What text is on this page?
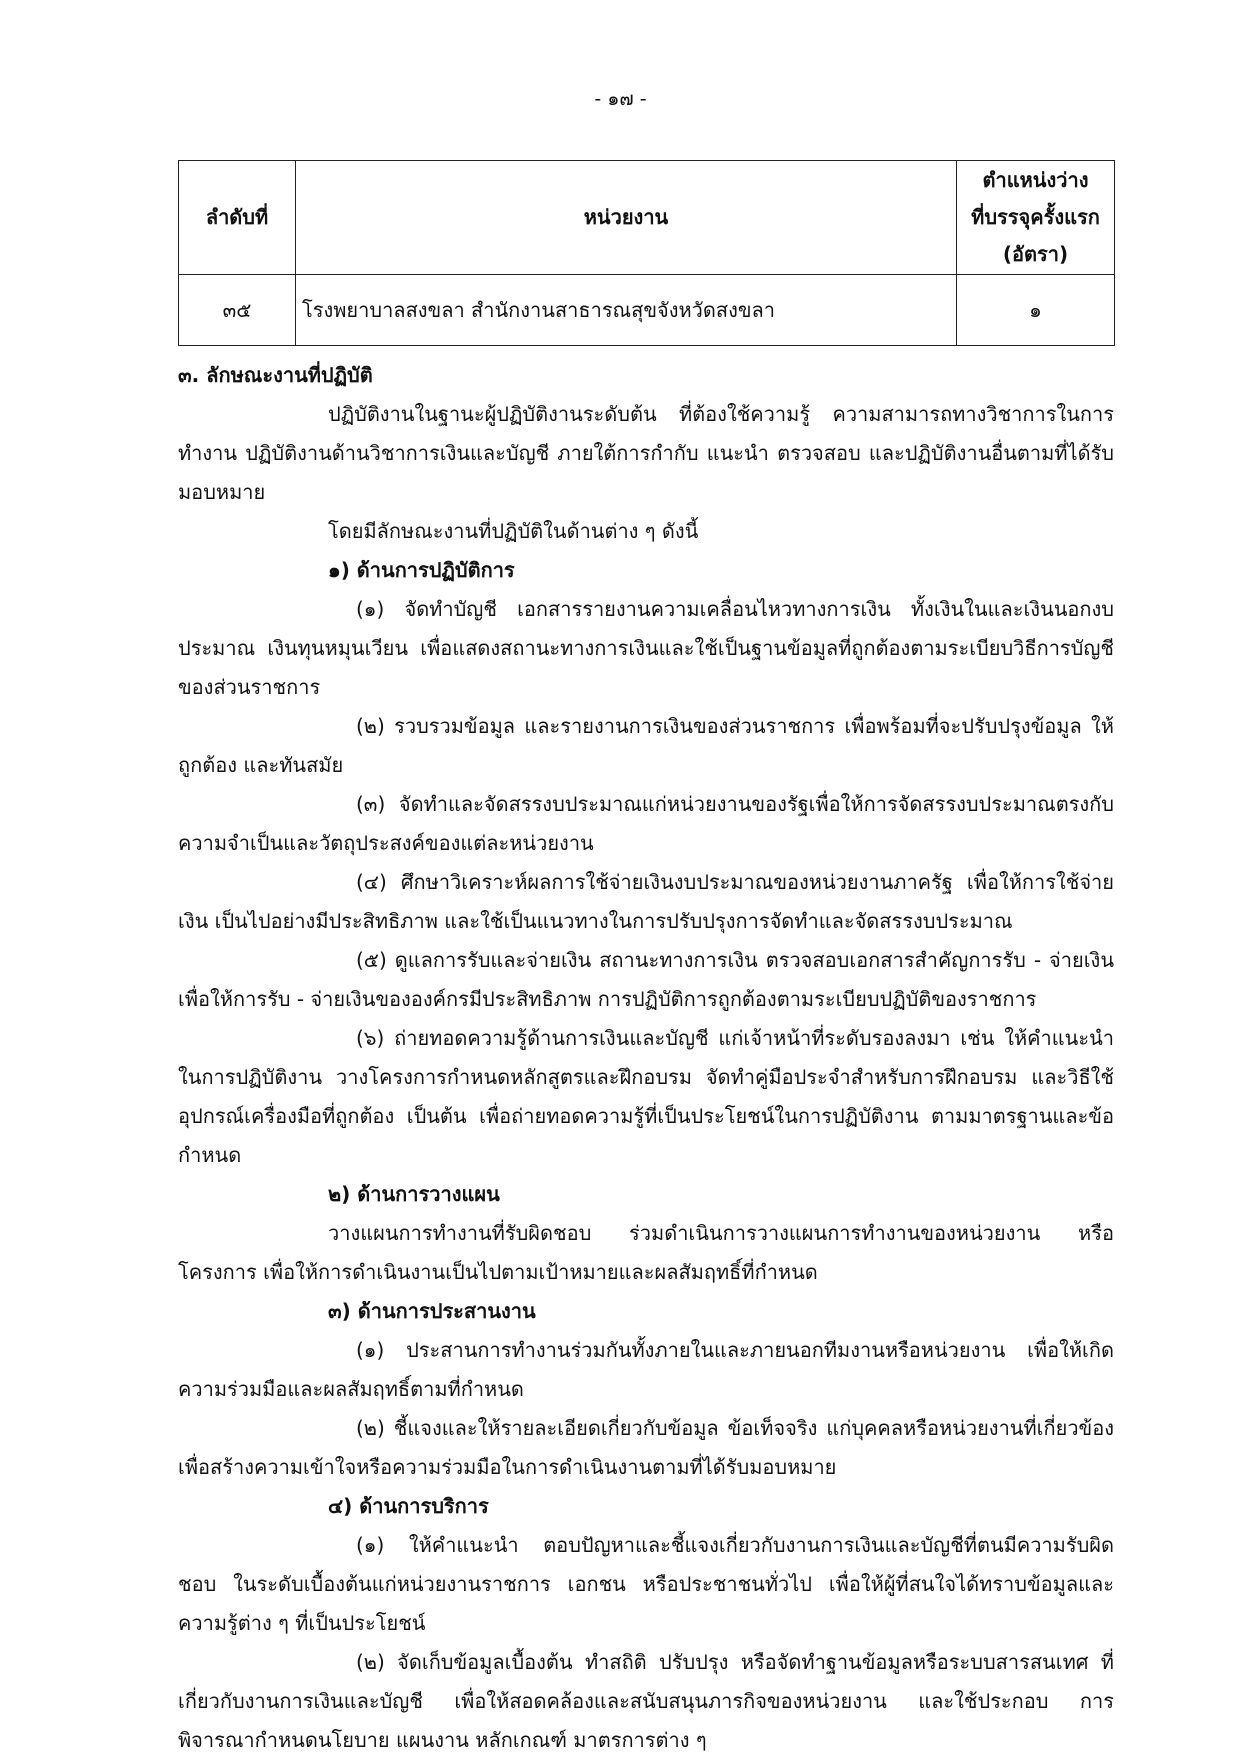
- ๑๗ -
ลำดับที่	หน่วยงาน	ตำแหน่งว่าง
ที่บรรจุครั้งแรก
(อัตรา)

๓๕	โรงพยาบาลสงขลา สำนักงานสาธารณสุขจังหวัดสงขลา	๑

๓. ลักษณะงานที่ปฏิบัติ

ปฏิบัติงานในฐานะผู้ปฏิบัติงานระดับต้น ที่ต้องใช้ความรู้ ความสามารถทางวิชาการในการทำงาน ปฏิบัติงานด้านวิชาการเงินและบัญชี ภายใต้การกำกับ แนะนำ ตรวจสอบ และปฏิบัติงานอื่นตามที่ได้รับมอบหมาย

โดยมีลักษณะงานที่ปฏิบัติในด้านต่าง ๆ ดังนี้

๑) ด้านการปฏิบัติการ

(๑) จัดทำบัญชี เอกสารรายงานความเคลื่อนไหวทางการเงิน ทั้งเงินในและเงินนอกงบประมาณ เงินทุนหมุนเวียน เพื่อแสดงสถานะทางการเงินและใช้เป็นฐานข้อมูลที่ถูกต้องตามระเบียบวิธีการบัญชีของส่วนราชการ

(๒) รวบรวมข้อมูล และรายงานการเงินของส่วนราชการ เพื่อพร้อมที่จะปรับปรุงข้อมูล ให้ถูกต้อง และทันสมัย

(๓) จัดทำและจัดสรรงบประมาณแก่หน่วยงานของรัฐเพื่อให้การจัดสรรงบประมาณตรงกับ ความจำเป็นและวัตถุประสงค์ของแต่ละหน่วยงาน

(๔) ศึกษาวิเคราะห์ผลการใช้จ่ายเงินงบประมาณของหน่วยงานภาครัฐ เพื่อให้การใช้จ่ายเงิน เป็นไปอย่างมีประสิทธิภาพ และใช้เป็นแนวทางในการปรับปรุงการจัดทำและจัดสรรงบประมาณ

(๕) ดูแลการรับและจ่ายเงิน สถานะทางการเงิน ตรวจสอบเอกสารสำคัญการรับ - จ่ายเงิน เพื่อให้การรับ - จ่ายเงินขององค์กรมีประสิทธิภาพ การปฏิบัติการถูกต้องตามระเบียบปฏิบัติของราชการ

(๖) ถ่ายทอดความรู้ด้านการเงินและบัญชี แก่เจ้าหน้าที่ระดับรองลงมา เช่น ให้คำแนะนำ ในการปฏิบัติงาน วางโครงการกำหนดหลักสูตรและฝึกอบรม จัดทำคู่มือประจำสำหรับการฝึกอบรม และวิธีใช้อุปกรณ์เครื่องมือที่ถูกต้อง เป็นต้น เพื่อถ่ายทอดความรู้ที่เป็นประโยชน์ในการปฏิบัติงาน ตามมาตรฐานและข้อกำหนด

๒) ด้านการวางแผน

วางแผนการทำงานที่รับผิดชอบ ร่วมดำเนินการวางแผนการทำงานของหน่วยงาน หรือโครงการ เพื่อให้การดำเนินงานเป็นไปตามเป้าหมายและผลสัมฤทธิ์ที่กำหนด

๓) ด้านการประสานงาน

(๑) ประสานการทำงานร่วมกันทั้งภายในและภายนอกทีมงานหรือหน่วยงาน เพื่อให้เกิด ความร่วมมือและผลสัมฤทธิ์ตามที่กำหนด

(๒) ชี้แจงและให้รายละเอียดเกี่ยวกับข้อมูล ข้อเท็จจริง แก่บุคคลหรือหน่วยงานที่เกี่ยวข้อง เพื่อสร้างความเข้าใจหรือความร่วมมือในการดำเนินงานตามที่ได้รับมอบหมาย

๔) ด้านการบริการ

(๑) ให้คำแนะนำ ตอบปัญหาและชี้แจงเกี่ยวกับงานการเงินและบัญชีที่ตนมีความรับผิดชอบ ในระดับเบื้องต้นแก่หน่วยงานราชการ เอกชน หรือประชาชนทั่วไป เพื่อให้ผู้ที่สนใจได้ทราบข้อมูลและความรู้ต่าง ๆ ที่เป็นประโยชน์

(๒) จัดเก็บข้อมูลเบื้องต้น ทำสถิติ ปรับปรุง หรือจัดทำฐานข้อมูลหรือระบบสารสนเทศ ที่เกี่ยวกับงานการเงินและบัญชี เพื่อให้สอดคล้องและสนับสนุนภารกิจของหน่วยงาน และใช้ประกอบ การพิจารณากำหนดนโยบาย แผนงาน หลักเกณฑ์ มาตรการต่าง ๆ
